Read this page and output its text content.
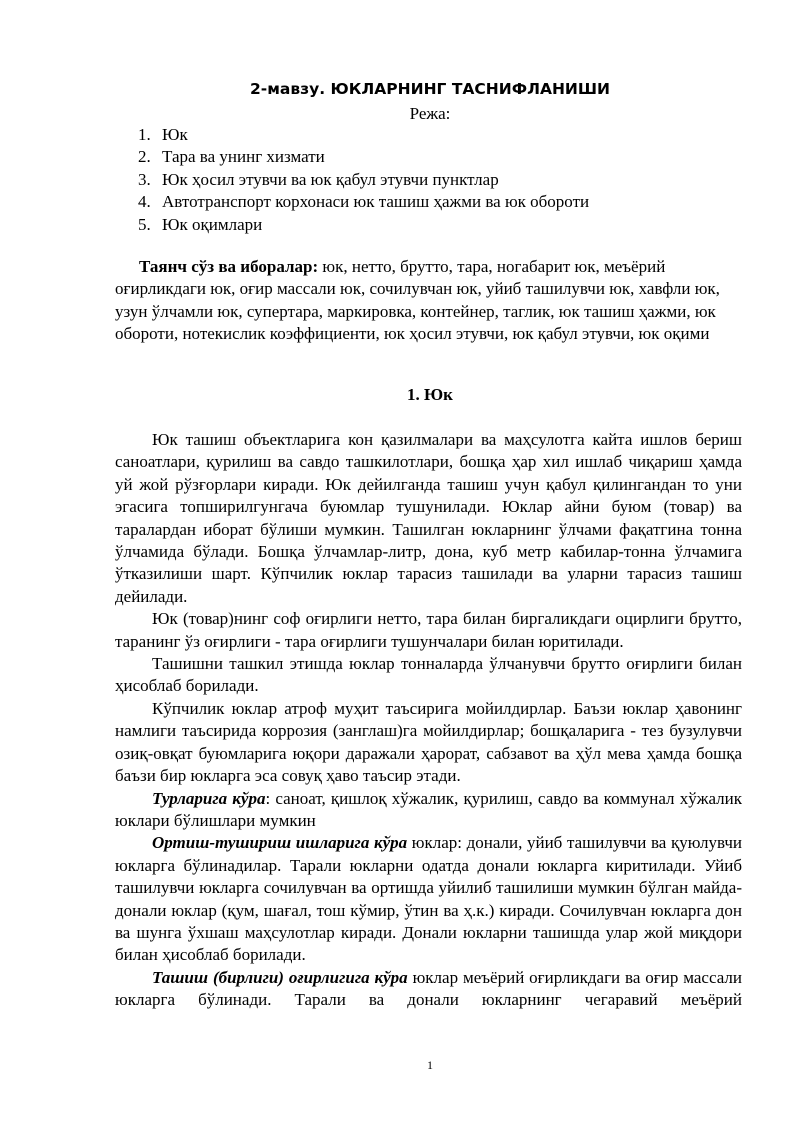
2-мавзу. ЮКЛАРНИНГ ТАСНИФЛАНИШИ
Режа:
1. Юк
2. Тара ва унинг хизмати
3. Юк ҳосил этувчи ва юк қабул этувчи пунктлар
4. Автотранспорт корхонаси юк ташиш ҳажми ва юк обороти
5. Юк оқимлари
Таянч сўз ва иборалар: юк, нетто, брутто, тара, ногабарит юк, меъёрий оғирликдаги юк, оғир массали юк, сочилувчан юк, уйиб ташилувчи юк, хавфли юк, узун ўлчамли юк, супертара, маркировка, контейнер, таглик, юк ташиш ҳажми, юк обороти, нотекислик коэффициенти, юк ҳосил этувчи, юк қабул этувчи, юк оқими
1. Юк

Юк ташиш объектларига кон қазилмалари ва маҳсулотга кайта ишлов бериш саноатлари, қурилиш ва савдо ташкилотлари, бошқа ҳар хил ишлаб чиқариш ҳамда уй жой рўзғорлари киради. Юк дейилганда ташиш учун қабул қилингандан то уни эгасига топширилгунгача буюмлар тушунилади. Юклар айни буюм (товар) ва таралардан иборат бўлиши мумкин. Ташилган юкларнинг ўлчами фақатгина тонна ўлчамида бўлади. Бошқа ўлчамлар-литр, дона, куб метр кабилар-тонна ўлчамига ўтказилиши шарт. Кўпчилик юклар тарасиз ташилади ва уларни тарасиз ташиш дейилади.

Юк (товар)нинг соф оғирлиги нетто, тара билан биргаликдаги оцирлиги брутто, таранинг ўз оғирлиги - тара оғирлиги тушунчалари билан юритилади.

Ташишни ташкил этишда юклар тонналарда ўлчанувчи брутто оғирлиги билан ҳисоблаб борилади.

Кўпчилик юклар атроф муҳит таъсирига мойилдирлар. Баъзи юклар ҳавонинг намлиги таъсирида коррозия (занглаш)га мойилдирлар; бошқаларига - тез бузулувчи озиқ-овқат буюмларига юқори даражали ҳарорат, сабзавот ва ҳўл мева ҳамда бошқа баъзи бир юкларга эса совуқ ҳаво таъсир этади.

Турларига кўра: саноат, қишлоқ хўжалик, қурилиш, савдо ва коммунал хўжалик юклари бўлишлари мумкин

Ортиш-тушириш ишларига кўра юклар: донали, уйиб ташилувчи ва қуюлувчи юкларга бўлинадилар. Тарали юкларни одатда донали юкларга киритилади. Уйиб ташилувчи юкларга сочилувчан ва ортишда уйилиб ташилиши мумкин бўлган майда-донали юклар (қум, шағал, тош кўмир, ўтин ва ҳ.к.) киради. Сочилувчан юкларга дон ва шунга ўхшаш маҳсулотлар киради. Донали юкларни ташишда улар жой миқдори билан ҳисоблаб борилади.

Ташиш (бирлиги) оғирлигига кўра юклар меъёрий оғирликдаги ва оғир массали юкларга бўлинади. Тарали ва донали юкларнинг чегаравий меъёрий

1
